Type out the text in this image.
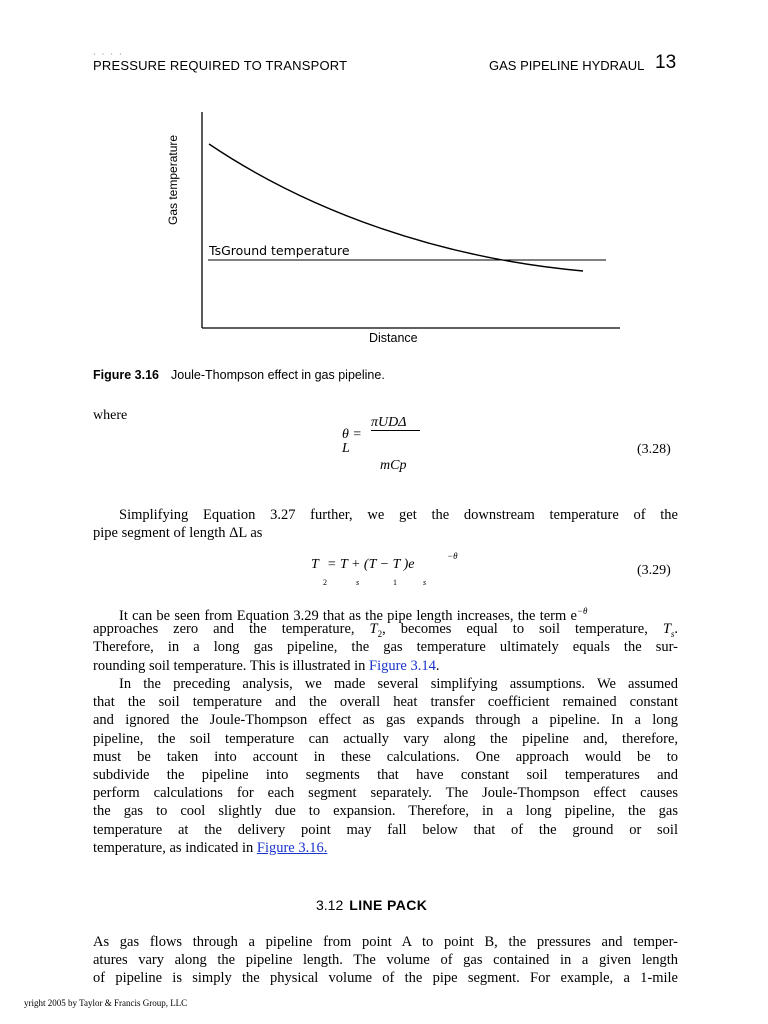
· · · ·
PRESSURE REQUIRED TO TRANSPORT	GAS PIPELINE HYDRAUL 13
Gas temperature
TsGround temperature
Distance
Figure 3.16 Joule-Thompson effect in gas pipeline.
where
θ =
L
πUDΔ
mCp
(3.28)
Simplifying Equation 3.27 further, we get the downstream temperature of the
pipe segment of length ΔL as
T = T + (T − T )e
−θ
2	s	1	s
(3.29)
It can be seen from Equation 3.29 that as the pipe length increases, the term $e^{-\theta}$
approaches zero and the temperature, $T_2$, becomes equal to soil temperature, $T_s$.
Therefore, in a long gas pipeline, the gas temperature ultimately equals the sur-
rounding soil temperature. This is illustrated in Figure 3.14.
In the preceding analysis, we made several simplifying assumptions. We assumed
that the soil temperature and the overall heat transfer coefficient remained constant
and ignored the Joule-Thompson effect as gas expands through a pipeline. In a long
pipeline, the soil temperature can actually vary along the pipeline and, therefore,
must be taken into account in these calculations. One approach would be to
subdivide the pipeline into segments that have constant soil temperatures and
perform calculations for each segment separately. The Joule-Thompson effect causes
the gas to cool slightly due to expansion. Therefore, in a long pipeline, the gas
temperature at the delivery point may fall below that of the ground or soil
temperature, as indicated in Figure 3.16.
3.12 LINE PACK
As gas flows through a pipeline from point A to point B, the pressures and temper-
atures vary along the pipeline length. The volume of gas contained in a given length
of pipeline is simply the physical volume of the pipe segment. For example, a 1-mile
yright 2005 by Taylor & Francis Group, LLC
